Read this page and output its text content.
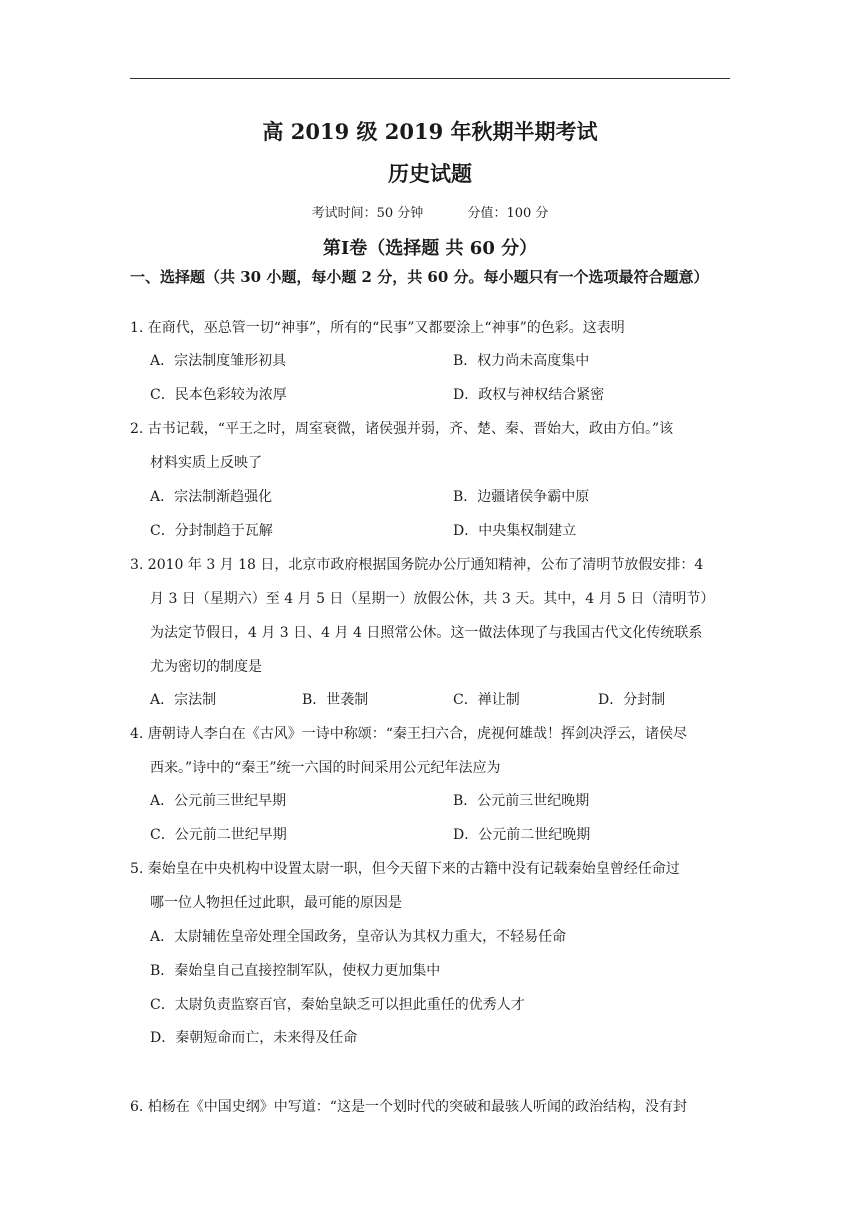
高 2019 级 2019 年秋期半期考试
历史试题
考试时间：50 分钟	分值：100 分
第Ⅰ卷（选择题 共 60 分）
一、选择题（共 30 小题，每小题 2 分，共 60 分。每小题只有一个选项最符合题意）
1. 在商代，巫总管一切“神事”，所有的“民事”又都要涂上“神事”的色彩。这表明
A．宗法制度雏形初具	B．权力尚未高度集中
C．民本色彩较为浓厚	D．政权与神权结合紧密
2. 古书记载，“平王之时，周室衰微，诸侯强并弱，齐、楚、秦、晋始大，政由方伯。”该
材料实质上反映了
A．宗法制渐趋强化	B．边疆诸侯争霸中原
C．分封制趋于瓦解	D．中央集权制建立
3. 2010 年 3 月 18 日，北京市政府根据国务院办公厅通知精神，公布了清明节放假安排：4
月 3 日（星期六）至 4 月 5 日（星期一）放假公休，共 3 天。其中，4 月 5 日（清明节）
为法定节假日，4 月 3 日、4 月 4 日照常公休。这一做法体现了与我国古代文化传统联系
尤为密切的制度是
A．宗法制	B．世袭制	C．禅让制	D．分封制
4. 唐朝诗人李白在《古风》一诗中称颂：“秦王扫六合，虎视何雄哉！挥剑决浮云，诸侯尽
西来。”诗中的“秦王”统一六国的时间采用公元纪年法应为
A．公元前三世纪早期	B．公元前三世纪晚期
C．公元前二世纪早期	D．公元前二世纪晚期
5. 秦始皇在中央机构中设置太尉一职，但今天留下来的古籍中没有记载秦始皇曾经任命过
哪一位人物担任过此职，最可能的原因是
A．太尉辅佐皇帝处理全国政务，皇帝认为其权力重大，不轻易任命
B．秦始皇自己直接控制军队，使权力更加集中
C．太尉负责监察百官，秦始皇缺乏可以担此重任的优秀人才
D．秦朝短命而亡，未来得及任命
6. 柏杨在《中国史纲》中写道：“这是一个划时代的突破和最骇人听闻的政治结构，没有封
